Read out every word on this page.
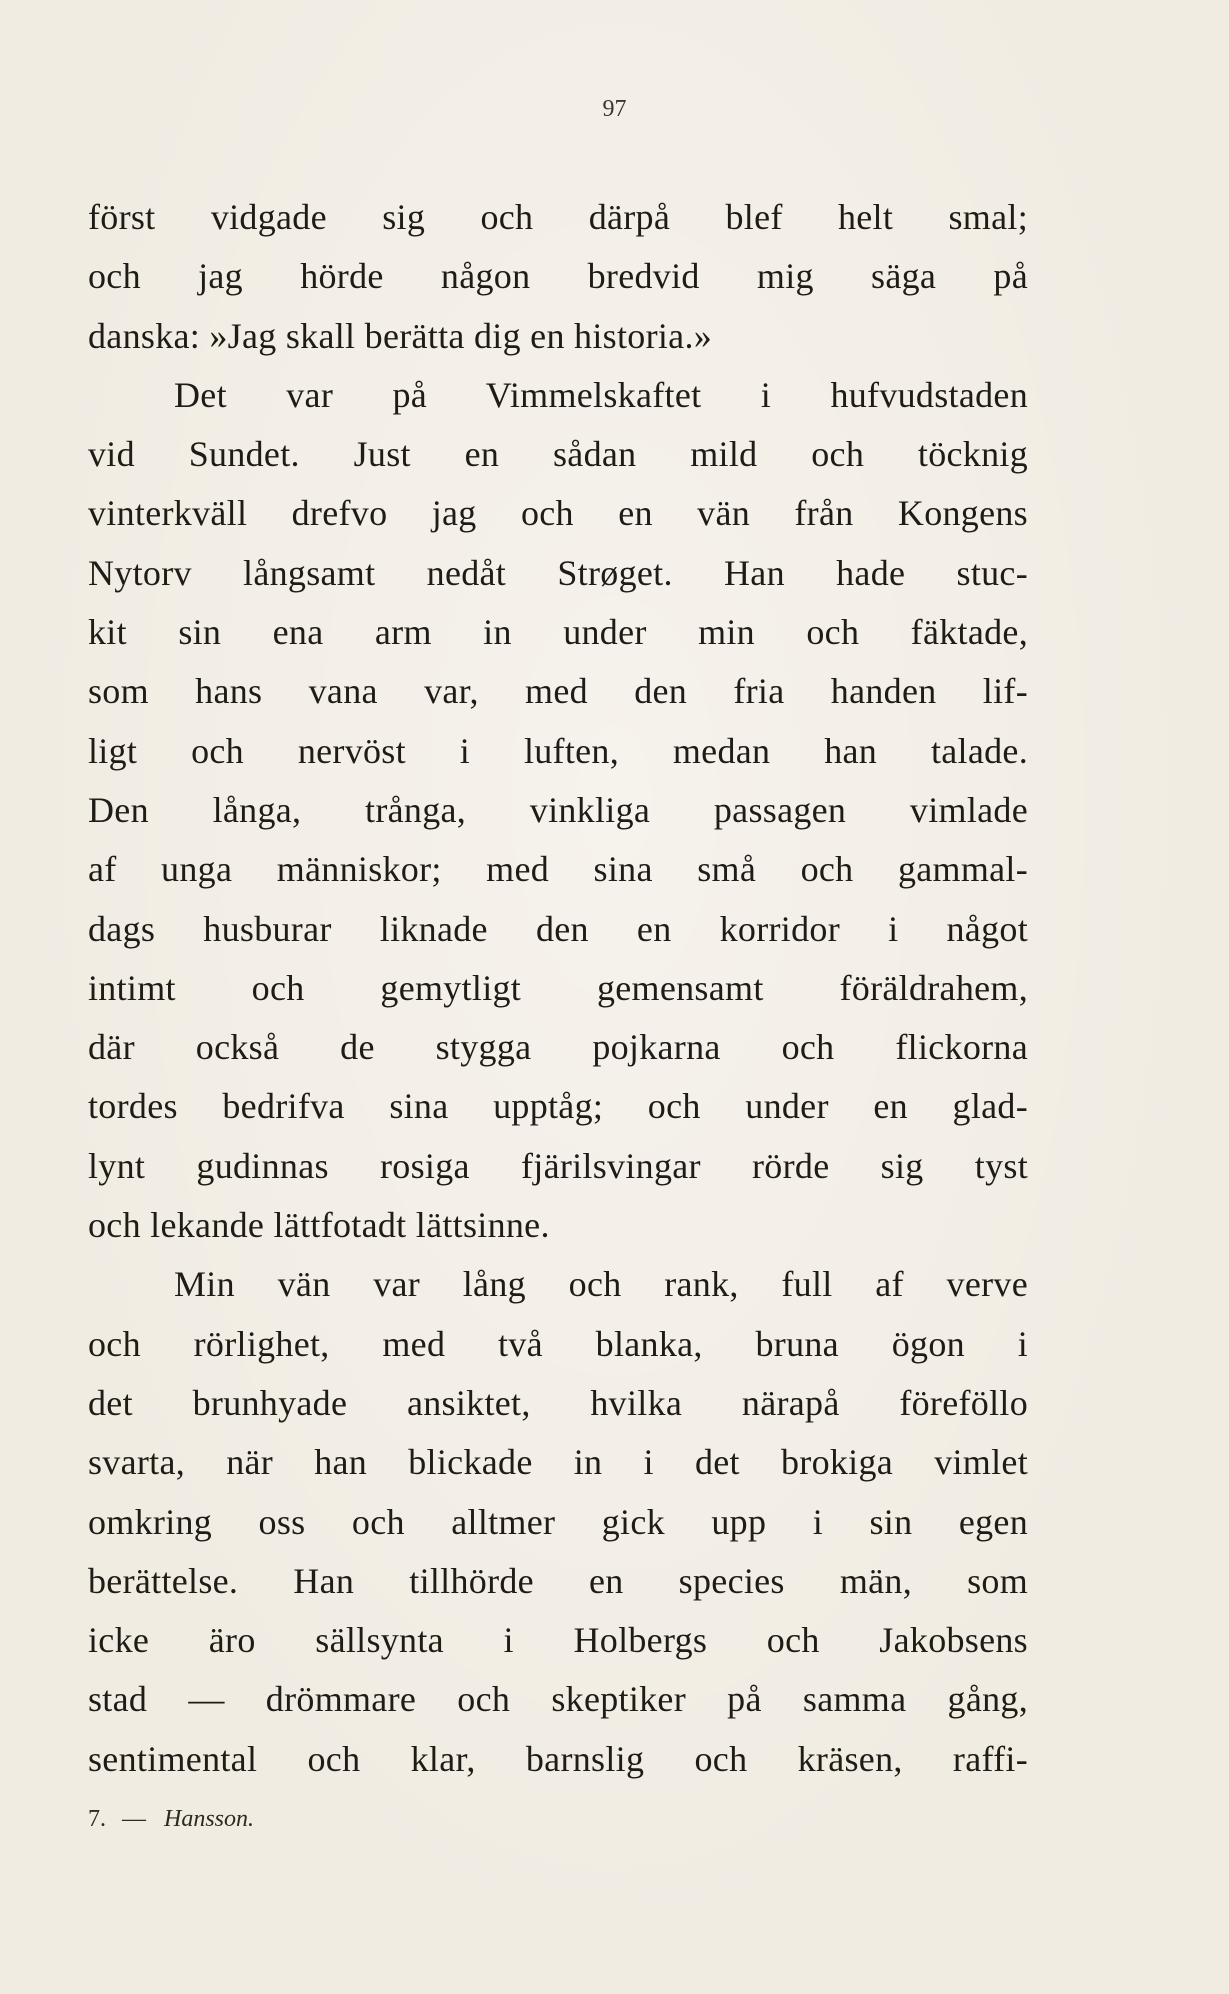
97
först vidgade sig och därpå blef helt smal;
och jag hörde någon bredvid mig säga på
danska: »Jag skall berätta dig en historia.»
Det var på Vimmelskaftet i hufvudstaden
vid Sundet. Just en sådan mild och töcknig
vinterkväll drefvo jag och en vän från Kongens
Nytorv långsamt nedåt Strøget. Han hade stuc-
kit sin ena arm in under min och fäktade,
som hans vana var, med den fria handen lif-
ligt och nervöst i luften, medan han talade.
Den långa, trånga, vinkliga passagen vimlade
af unga människor; med sina små och gammal-
dags husburar liknade den en korridor i något
intimt och gemytligt gemensamt föräldrahem,
där också de stygga pojkarna och flickorna
tordes bedrifva sina upptåg; och under en glad-
lynt gudinnas rosiga fjärilsvingar rörde sig tyst
och lekande lättfotadt lättsinne.
Min vän var lång och rank, full af verve
och rörlighet, med två blanka, bruna ögon i
det brunhyade ansiktet, hvilka närapå föreföllo
svarta, när han blickade in i det brokiga vimlet
omkring oss och alltmer gick upp i sin egen
berättelse. Han tillhörde en species män, som
icke äro sällsynta i Holbergs och Jakobsens
stad — drömmare och skeptiker på samma gång,
sentimental och klar, barnslig och kräsen, raffi-
7. — Hansson.
